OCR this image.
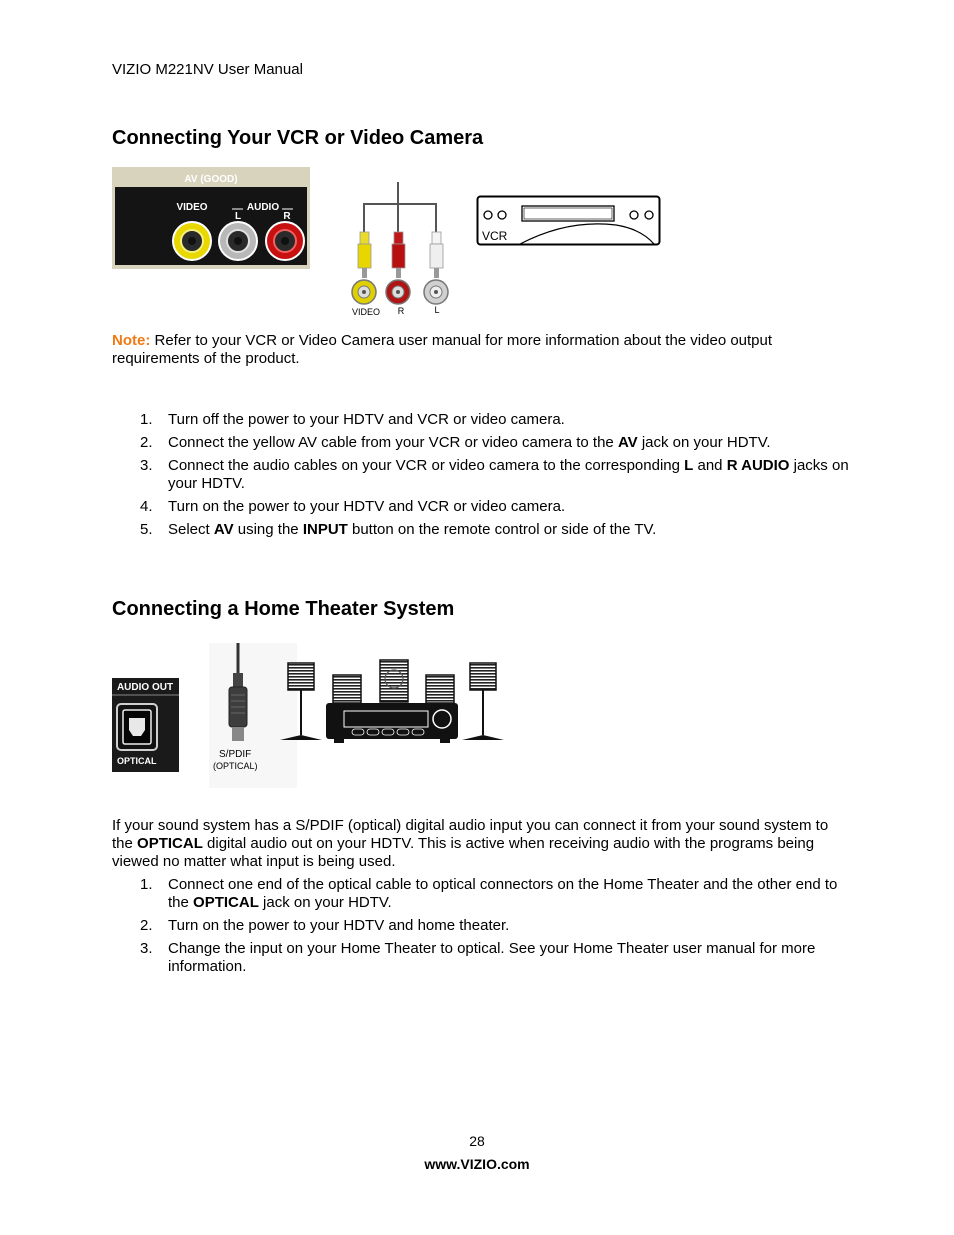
VIZIO M221NV User Manual
Connecting Your VCR or Video Camera
AV (GOOD)
VIDEO	AUDIO
L	R
VIDEO R	L
VCR

Note: Refer to your VCR or Video Camera user manual for more information about the video output requirements of the product.

1. Turn off the power to your HDTV and VCR or video camera.
2. Connect the yellow AV cable from your VCR or video camera to the AV jack on your HDTV.
3. Connect the audio cables on your VCR or video camera to the corresponding L and R AUDIO jacks on your HDTV.
4. Turn on the power to your HDTV and VCR or video camera.
5. Select AV using the INPUT button on the remote control or side of the TV.
Connecting a Home Theater System
AUDIO OUT
OPTICAL
S/PDIF
(OPTICAL)

If your sound system has a S/PDIF (optical) digital audio input you can connect it from your sound system to the OPTICAL digital audio out on your HDTV. This is active when receiving audio with the programs being viewed no matter what input is being used.

1. Connect one end of the optical cable to optical connectors on the Home Theater and the other end to the OPTICAL jack on your HDTV.
2. Turn on the power to your HDTV and home theater.
3. Change the input on your Home Theater to optical. See your Home Theater user manual for more information.
28
www.VIZIO.com
